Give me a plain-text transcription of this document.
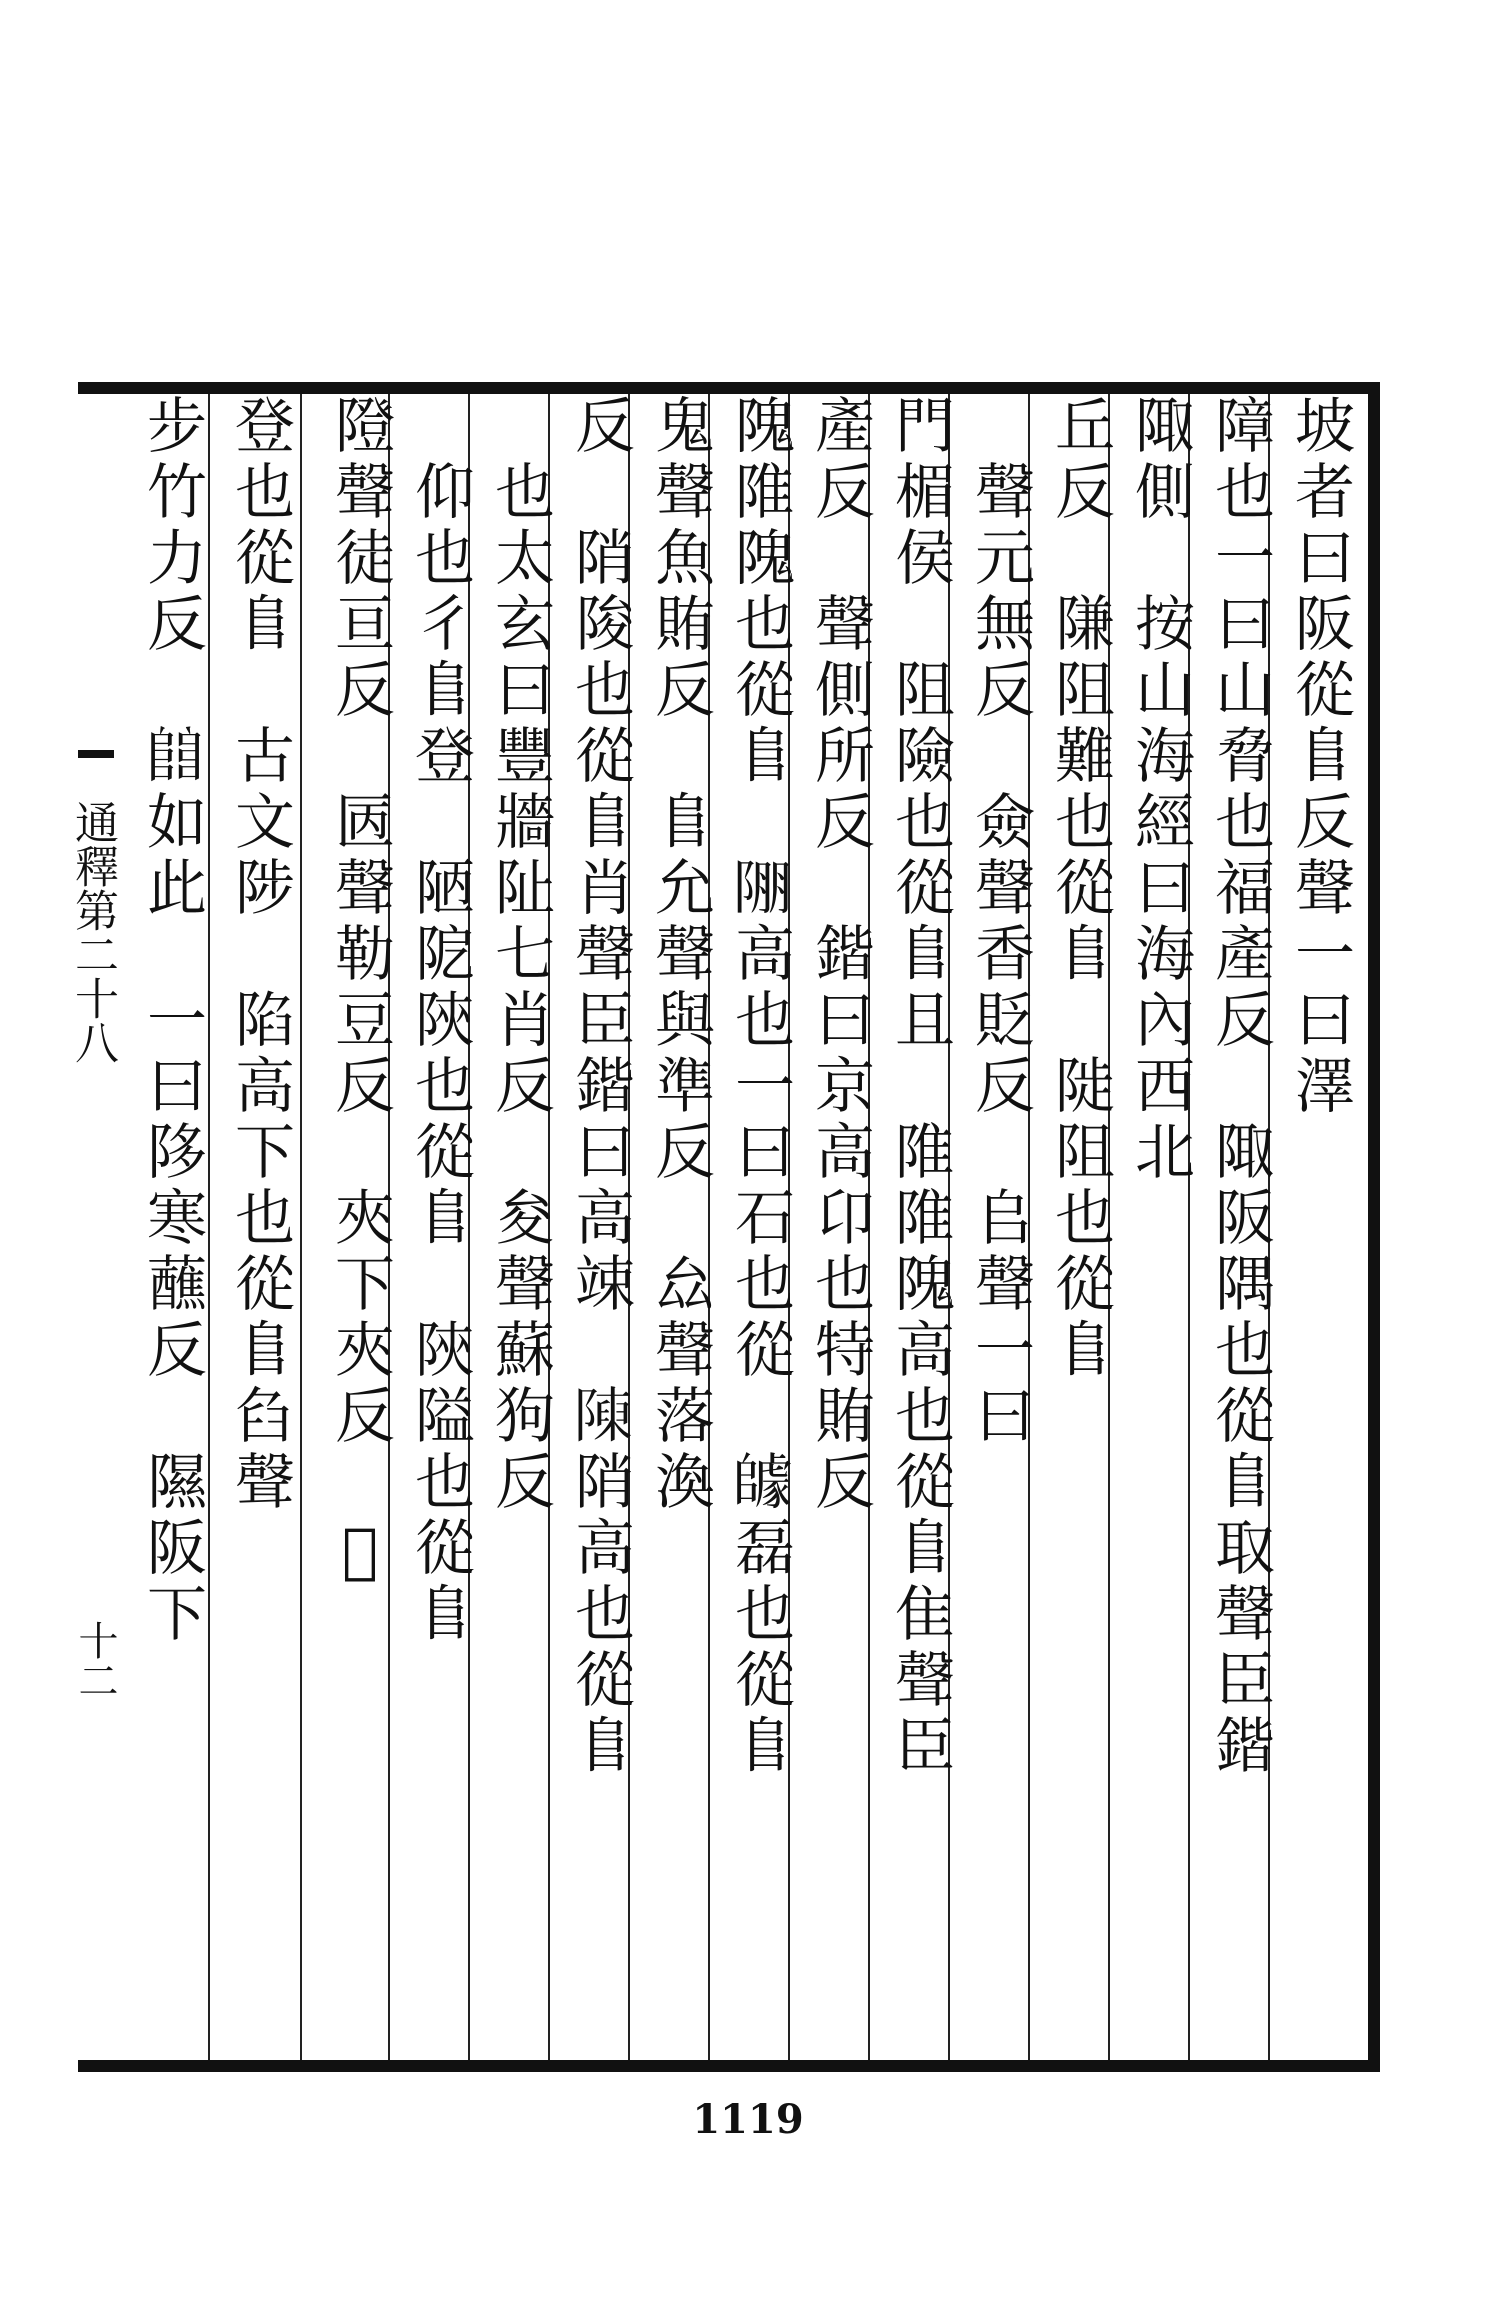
坡者曰阪從𨸏反聲一曰澤
障也一曰山脅也福產反　陬阪隅也從𨸏取聲臣鍇
陬側　按山海經曰海內西北
丘反　隒阻難也從𨸏　𨺗阻也從𨸏
　聲元無反　僉聲香貶反　𠂤聲一曰
門楣侯　阻險也從𨸏且　陮陮隗高也從𨸏隹聲臣
產反　聲側所反　鍇曰京高卬也特賄反
隗陮隗也從𨸏　𨹹高也一曰石也從　𨼽磊也從𨸏
鬼聲魚賄反　𨸏允聲與準反　厽聲落渙
反　陗陖也從𨸏肖聲臣鍇曰高竦　𨻰陗高也從𨸏
　也太玄曰豐牆阯七肖反　夋聲蘇狗反
　仰也彳𨸏登　陋阸陝也從𨸏　陝隘也從𨸏
隥聲徒亘反　㔷聲勒豆反　夾下夾反　𨹔
登也從𨸏　古文陟　陷高下也從𨸏臽聲
步竹力反　𨺅如此　一曰陊寒蘸反　隰阪下
通釋第二十八
十二
1119
